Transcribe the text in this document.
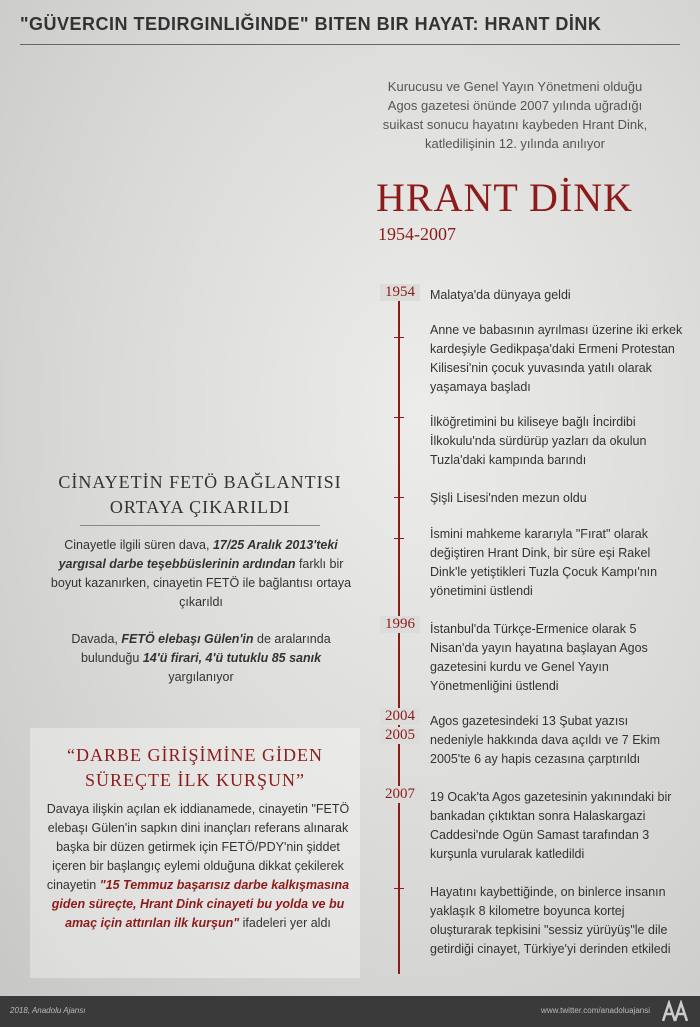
"GÜVERCIN TEDIRGINLIĞINDE" BITEN BIR HAYAT: HRANT DİNK
Kurucusu ve Genel Yayın Yönetmeni olduğu
Agos gazetesi önünde 2007 yılında uğradığı
suikast sonucu hayatını kaybeden Hrant Dink,
katledilişinin 12. yılında anılıyor
HRANT DİNK
1954-2007
CİNAYETİN FETÖ BAĞLANTISI
ORTAYA ÇIKARILDI
Cinayetle ilgili süren dava, 17/25 Aralık 2013'teki yargısal darbe teşebbüslerinin ardından farklı bir boyut kazanırken, cinayetin FETÖ ile bağlantısı ortaya çıkarıldı
Davada, FETÖ elebaşı Gülen'in de aralarında bulunduğu 14'ü firari, 4'ü tutuklu 85 sanık yargılanıyor
“DARBE GİRİŞİMİNE GİDEN
SÜREÇTE İLK KURŞUN”
Davaya ilişkin açılan ek iddianamede, cinayetin "FETÖ elebaşı Gülen'in sapkın dini inançları referans alınarak başka bir düzen getirmek için FETÖ/PDY'nin şiddet içeren bir başlangıç eylemi olduğuna dikkat çekilerek cinayetin "15 Temmuz başarısız darbe kalkışmasına giden süreçte, Hrant Dink cinayeti bu yolda ve bu amaç için attırılan ilk kurşun" ifadeleri yer aldı
1954
1996
2004
2005
2007
Malatya'da dünyaya geldi
Anne ve babasının ayrılması üzerine iki erkek kardeşiyle Gedikpaşa'daki Ermeni Protestan Kilisesi'nin çocuk yuvasında yatılı olarak yaşamaya başladı
İlköğretimini bu kiliseye bağlı İncirdibi İlkokulu'nda sürdürüp yazları da okulun Tuzla'daki kampında barındı
Şişli Lisesi'nden mezun oldu
İsmini mahkeme kararıyla "Fırat" olarak değiştiren Hrant Dink, bir süre eşi Rakel Dink'le yetiştikleri Tuzla Çocuk Kampı'nın yönetimini üstlendi
İstanbul'da Türkçe-Ermenice olarak 5 Nisan'da yayın hayatına başlayan Agos gazetesini kurdu ve Genel Yayın Yönetmenliğini üstlendi
Agos gazetesindeki 13 Şubat yazısı nedeniyle hakkında dava açıldı ve 7 Ekim 2005'te 6 ay hapis cezasına çarptırıldı
19 Ocak'ta Agos gazetesinin yakınındaki bir bankadan çıktıktan sonra Halaskargazi Caddesi'nde Ogün Samast tarafından 3 kurşunla vurularak katledildi
Hayatını kaybettiğinde, on binlerce insanın yaklaşık 8 kilometre boyunca kortej oluşturarak tepkisini "sessiz yürüyüş"le dile getirdiği cinayet, Türkiye'yi derinden etkiledi
2018, Anadolu Ajansı	www.twitter.com/anadoluajansi
